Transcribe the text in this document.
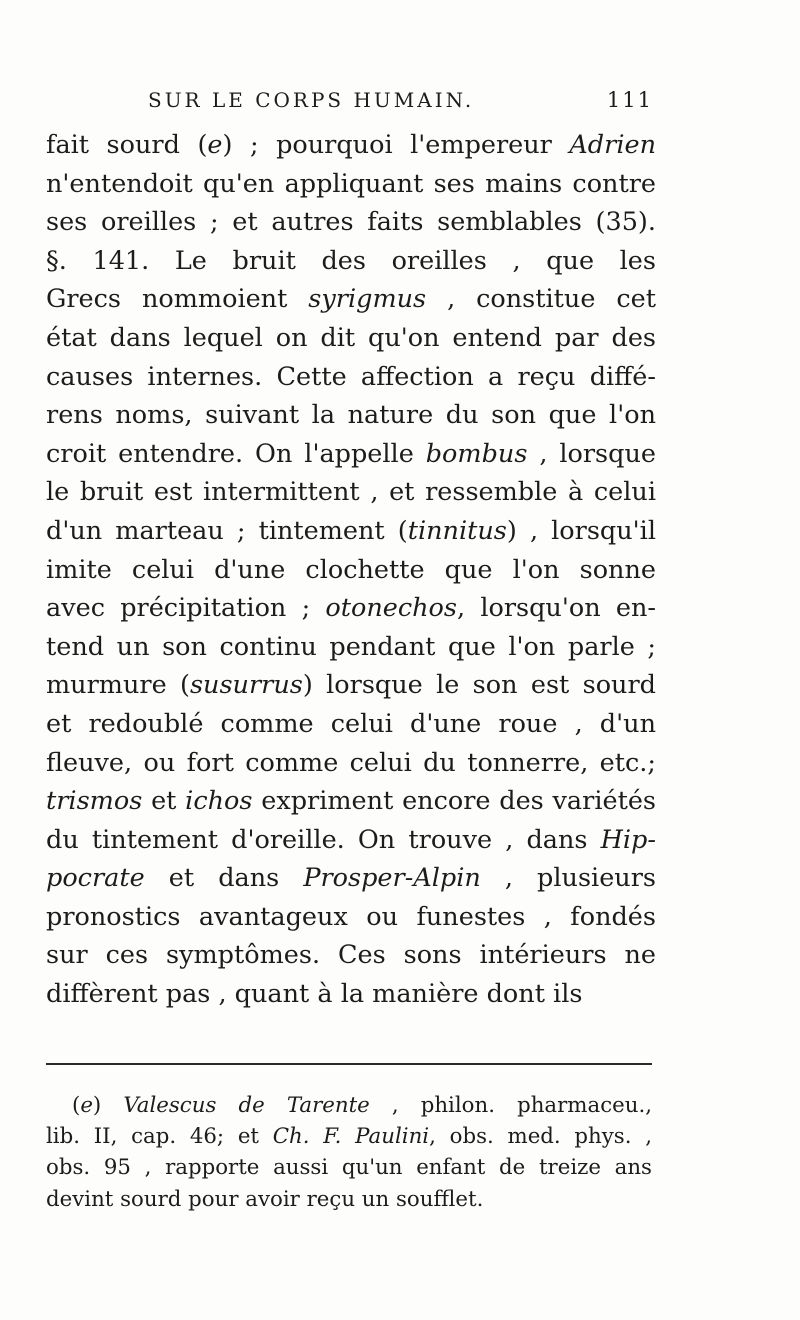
SUR LE CORPS HUMAIN.	111
fait sourd (e) ; pourquoi l'empereur Adrien
n'entendoit qu'en appliquant ses mains contre
ses oreilles ; et autres faits semblables (35).
§. 141. Le bruit des oreilles , que les
Grecs nommoient syrigmus , constitue cet
état dans lequel on dit qu'on entend par des
causes internes. Cette affection a reçu diffé-
rens noms, suivant la nature du son que l'on
croit entendre. On l'appelle bombus , lorsque
le bruit est intermittent , et ressemble à celui
d'un marteau ; tintement (tinnitus) , lorsqu'il
imite celui d'une clochette que l'on sonne
avec précipitation ; otonechos, lorsqu'on en-
tend un son continu pendant que l'on parle ;
murmure (susurrus) lorsque le son est sourd
et redoublé comme celui d'une roue , d'un
fleuve, ou fort comme celui du tonnerre, etc.;
trismos et ichos expriment encore des variétés
du tintement d'oreille. On trouve , dans Hip-
pocrate et dans Prosper-Alpin , plusieurs
pronostics avantageux ou funestes , fondés
sur ces symptômes. Ces sons intérieurs ne
diffèrent pas , quant à la manière dont ils
(e) Valescus de Tarente , philon. pharmaceu.,
lib. II, cap. 46; et Ch. F. Paulini, obs. med. phys. ,
obs. 95 , rapporte aussi qu'un enfant de treize ans
devint sourd pour avoir reçu un soufflet.
